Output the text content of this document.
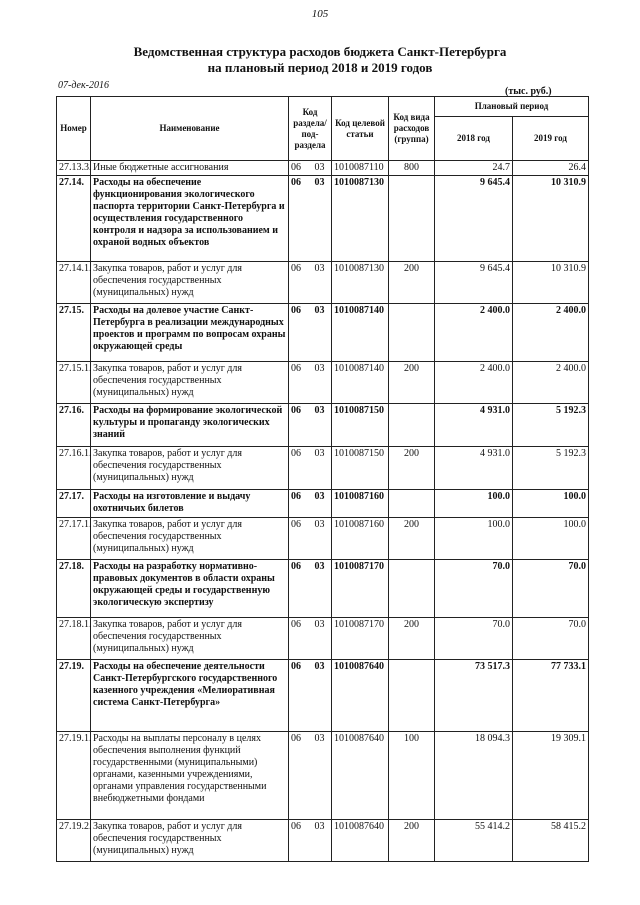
105
Ведомственная структура расходов бюджета Санкт-Петербурга
на плановый период 2018 и 2019 годов
07-дек-2016
(тыс. руб.)
Номер	Наименование	Код раздела/ под-раздела	Код целевой статьи	Код вида расходов (группа)	Плановый период	
					2018 год	2019 год
27.13.3.	Иные бюджетные ассигнования	06 03	1010087110	800	24.7	26.4
27.14.	Расходы на обеспечение функционирования экологического паспорта территории Санкт-Петербурга и осуществления государственного контроля и надзора за использованием и охраной водных объектов	06 03	1010087130		9 645.4	10 310.9
27.14.1.	Закупка товаров, работ и услуг для обеспечения государственных (муниципальных) нужд	06 03	1010087130	200	9 645.4	10 310.9
27.15.	Расходы на долевое участие Санкт-Петербурга в реализации международных проектов и программ по вопросам охраны окружающей среды	06 03	1010087140		2 400.0	2 400.0
27.15.1.	Закупка товаров, работ и услуг для обеспечения государственных (муниципальных) нужд	06 03	1010087140	200	2 400.0	2 400.0
27.16.	Расходы на формирование экологической культуры и пропаганду экологических знаний	06 03	1010087150		4 931.0	5 192.3
27.16.1.	Закупка товаров, работ и услуг для обеспечения государственных (муниципальных) нужд	06 03	1010087150	200	4 931.0	5 192.3
27.17.	Расходы на изготовление и выдачу охотничьих билетов	06 03	1010087160		100.0	100.0
27.17.1.	Закупка товаров, работ и услуг для обеспечения государственных (муниципальных) нужд	06 03	1010087160	200	100.0	100.0
27.18.	Расходы на разработку нормативно-правовых документов в области охраны окружающей среды и государственную экологическую экспертизу	06 03	1010087170		70.0	70.0
27.18.1.	Закупка товаров, работ и услуг для обеспечения государственных (муниципальных) нужд	06 03	1010087170	200	70.0	70.0
27.19.	Расходы на обеспечение деятельности Санкт-Петербургского государственного казенного учреждения «Мелиоративная система Санкт-Петербурга»	06 03	1010087640		73 517.3	77 733.1
27.19.1.	Расходы на выплаты персоналу в целях обеспечения выполнения функций государственными (муниципальными) органами, казенными учреждениями, органами управления государственными внебюджетными фондами	06 03	1010087640	100	18 094.3	19 309.1
27.19.2.	Закупка товаров, работ и услуг для обеспечения государственных (муниципальных) нужд	06 03	1010087640	200	55 414.2	58 415.2
